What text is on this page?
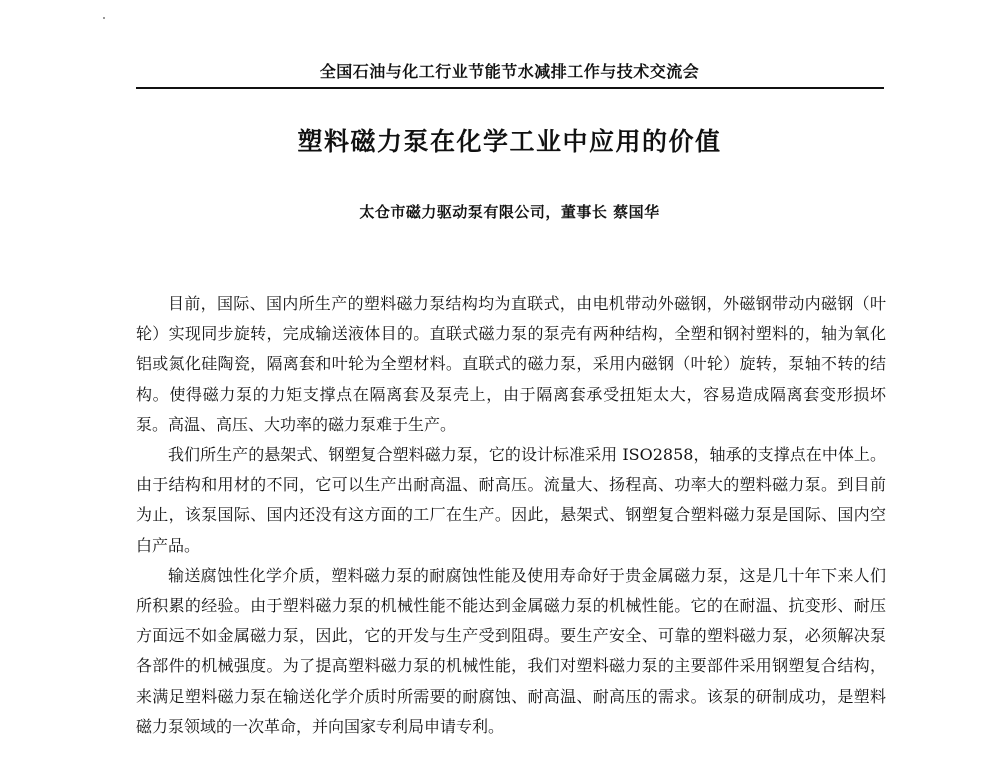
全国石油与化工行业节能节水减排工作与技术交流会
塑料磁力泵在化学工业中应用的价值
太仓市磁力驱动泵有限公司，董事长 蔡国华

目前，国际、国内所生产的塑料磁力泵结构均为直联式，由电机带动外磁钢，外磁钢带动内磁钢（叶轮）实现同步旋转，完成输送液体目的。直联式磁力泵的泵壳有两种结构，全塑和钢衬塑料的，轴为氧化铝或氮化硅陶瓷，隔离套和叶轮为全塑材料。直联式的磁力泵，采用内磁钢（叶轮）旋转，泵轴不转的结构。使得磁力泵的力矩支撑点在隔离套及泵壳上，由于隔离套承受扭矩太大，容易造成隔离套变形损坏泵。高温、高压、大功率的磁力泵难于生产。

我们所生产的悬架式、钢塑复合塑料磁力泵，它的设计标准采用 ISO2858，轴承的支撑点在中体上。由于结构和用材的不同，它可以生产出耐高温、耐高压。流量大、扬程高、功率大的塑料磁力泵。到目前为止，该泵国际、国内还没有这方面的工厂在生产。因此，悬架式、钢塑复合塑料磁力泵是国际、国内空白产品。

输送腐蚀性化学介质，塑料磁力泵的耐腐蚀性能及使用寿命好于贵金属磁力泵，这是几十年下来人们所积累的经验。由于塑料磁力泵的机械性能不能达到金属磁力泵的机械性能。它的在耐温、抗变形、耐压方面远不如金属磁力泵，因此，它的开发与生产受到阻碍。要生产安全、可靠的塑料磁力泵，必须解决泵各部件的机械强度。为了提高塑料磁力泵的机械性能，我们对塑料磁力泵的主要部件采用钢塑复合结构，来满足塑料磁力泵在输送化学介质时所需要的耐腐蚀、耐高温、耐高压的需求。该泵的研制成功，是塑料磁力泵领域的一次革命，并向国家专利局申请专利。
